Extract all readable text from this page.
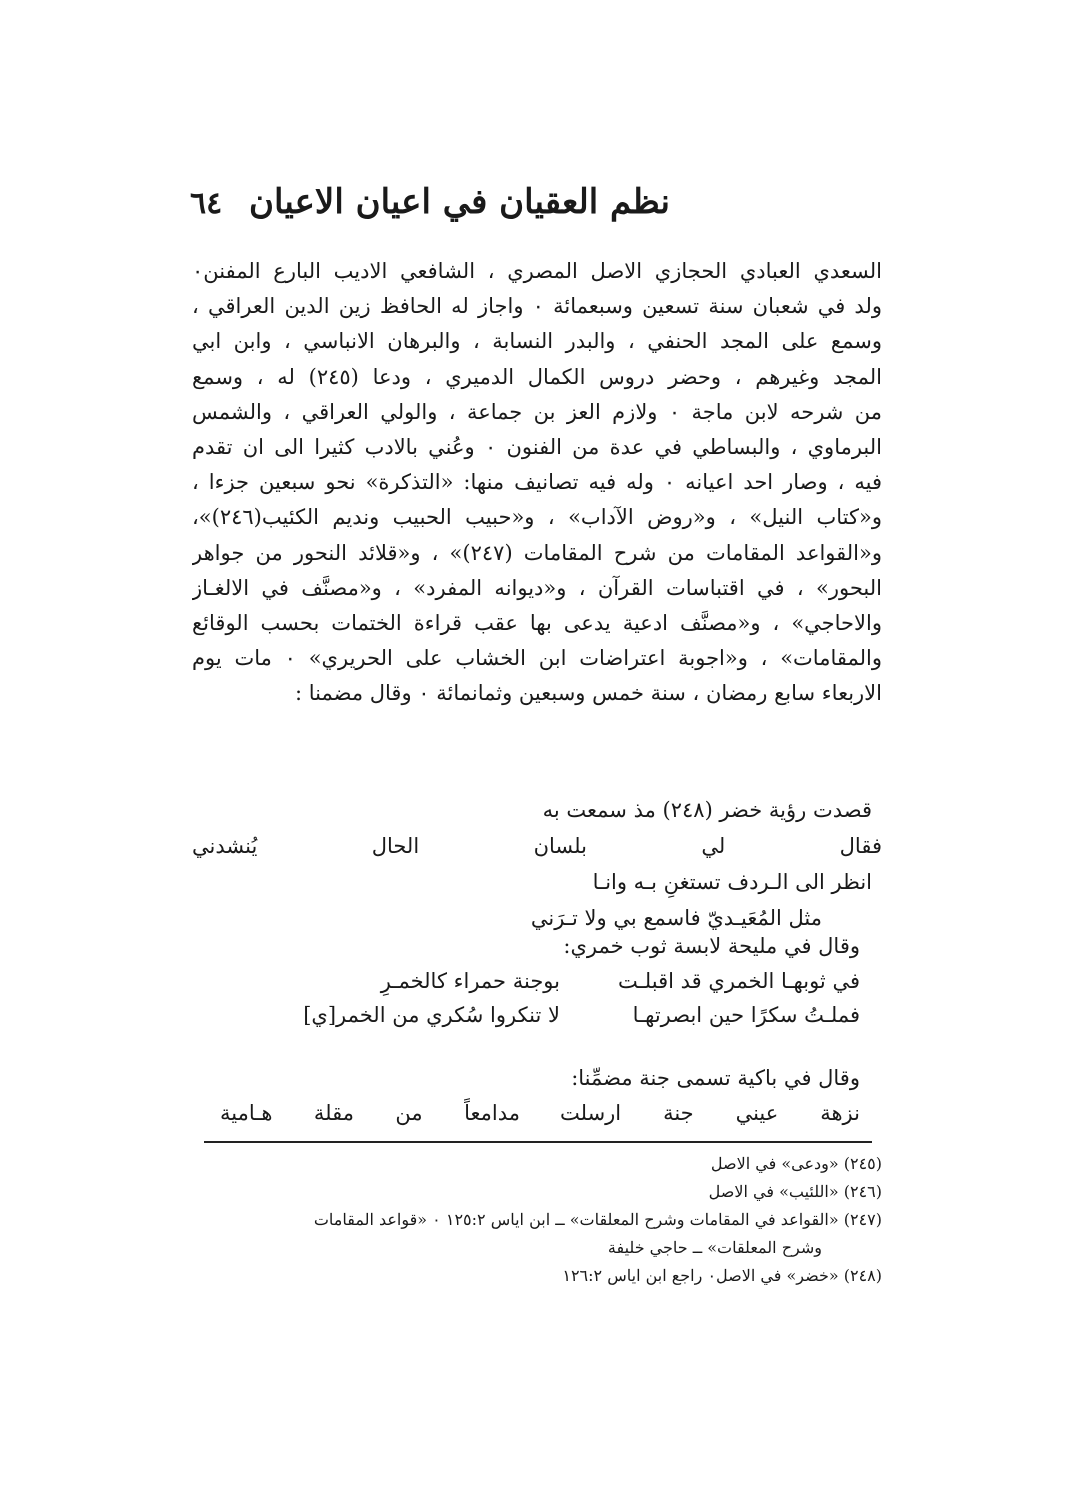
نظم العقيان في اعيان الاعيان
٦٤
السعدي العبادي الحجازي الاصل المصري ، الشافعي الاديب البارع المفنن٠
ولد في شعبان سنة تسعين وسبعمائة ٠ واجاز له الحافظ زين الدين العراقي ،
وسمع على المجد الحنفي ، والبدر النسابة ، والبرهان الانباسي ، وابن ابي
المجد وغيرهم ، وحضر دروس الكمال الدميري ، ودعا (٢٤٥) له ، وسمع
من شرحه لابن ماجة ٠ ولازم العز بن جماعة ، والولي العراقي ، والشمس
البرماوي ، والبساطي في عدة من الفنون ٠ وعُني بالادب كثيرا الى ان تقدم
فيه ، وصار احد اعيانه ٠ وله فيه تصانيف منها: «التذكرة» نحو سبعين جزءا ،
و«كتاب النيل» ، و«روض الآداب» ، و«حبيب الحبيب ونديم الكئيب(٢٤٦)»،
و«القواعد المقامات من شرح المقامات (٢٤٧)» ، و«قلائد النحور من جواهر
البحور» ، في اقتباسات القرآن ، و«ديوانه المفرد» ، و«مصنَّف في الالغـاز
والاحاجي» ، و«مصنَّف ادعية يدعى بها عقب قراءة الختمات بحسب الوقائع
والمقامات» ، و«اجوبة اعتراضات ابن الخشاب على الحريري» ٠ مات يوم
الاربعاء سابع رمضان ، سنة خمس وسبعين وثمانمائة ٠ وقال مضمنا :
قصدت رؤية خضر (٢٤٨) مذ سمعت به
فقال لي بلسان الحال يُنشدني
انظر الى الـردف تستغنِ بـه وانـا
مثل المُعَيـديّ فاسمع بي ولا تـرَني
وقال في مليحة لابسة ثوب خمري:
في ثوبهـا الخمري قد اقبلـت
بوجنة حمراء كالخمـرِ
فملـتُ سكرًا حين ابصرتهـا
لا تنكروا سُكري من الخمر[ي]
وقال في باكية تسمى جنة مضمِّنا:
نزهة عيني جنة ارسلت
مدامعاً من مقلة هـامية
(٢٤٥) «ودعى» في الاصل
(٢٤٦) «اللئيب» في الاصل
(٢٤٧) «القواعد في المقامات وشرح المعلقات» ــ ابن اياس ١٢٥:٢ ٠ «قواعد المقامات
وشرح المعلقات» ــ حاجي خليفة
(٢٤٨) «خضر» في الاصل٠ راجع ابن اياس ١٢٦:٢
